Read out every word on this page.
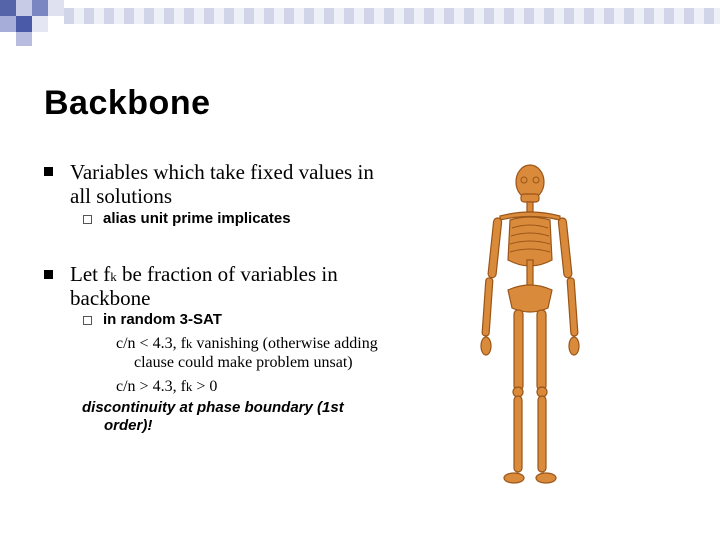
Backbone
Variables which take fixed values in
all solutions
alias unit prime implicates
Let fk be fraction of variables in
backbone
in random 3-SAT
c/n < 4.3, fk vanishing (otherwise adding
clause could make problem unsat)
c/n > 4.3, fk > 0
discontinuity at phase boundary (1st
order)!
